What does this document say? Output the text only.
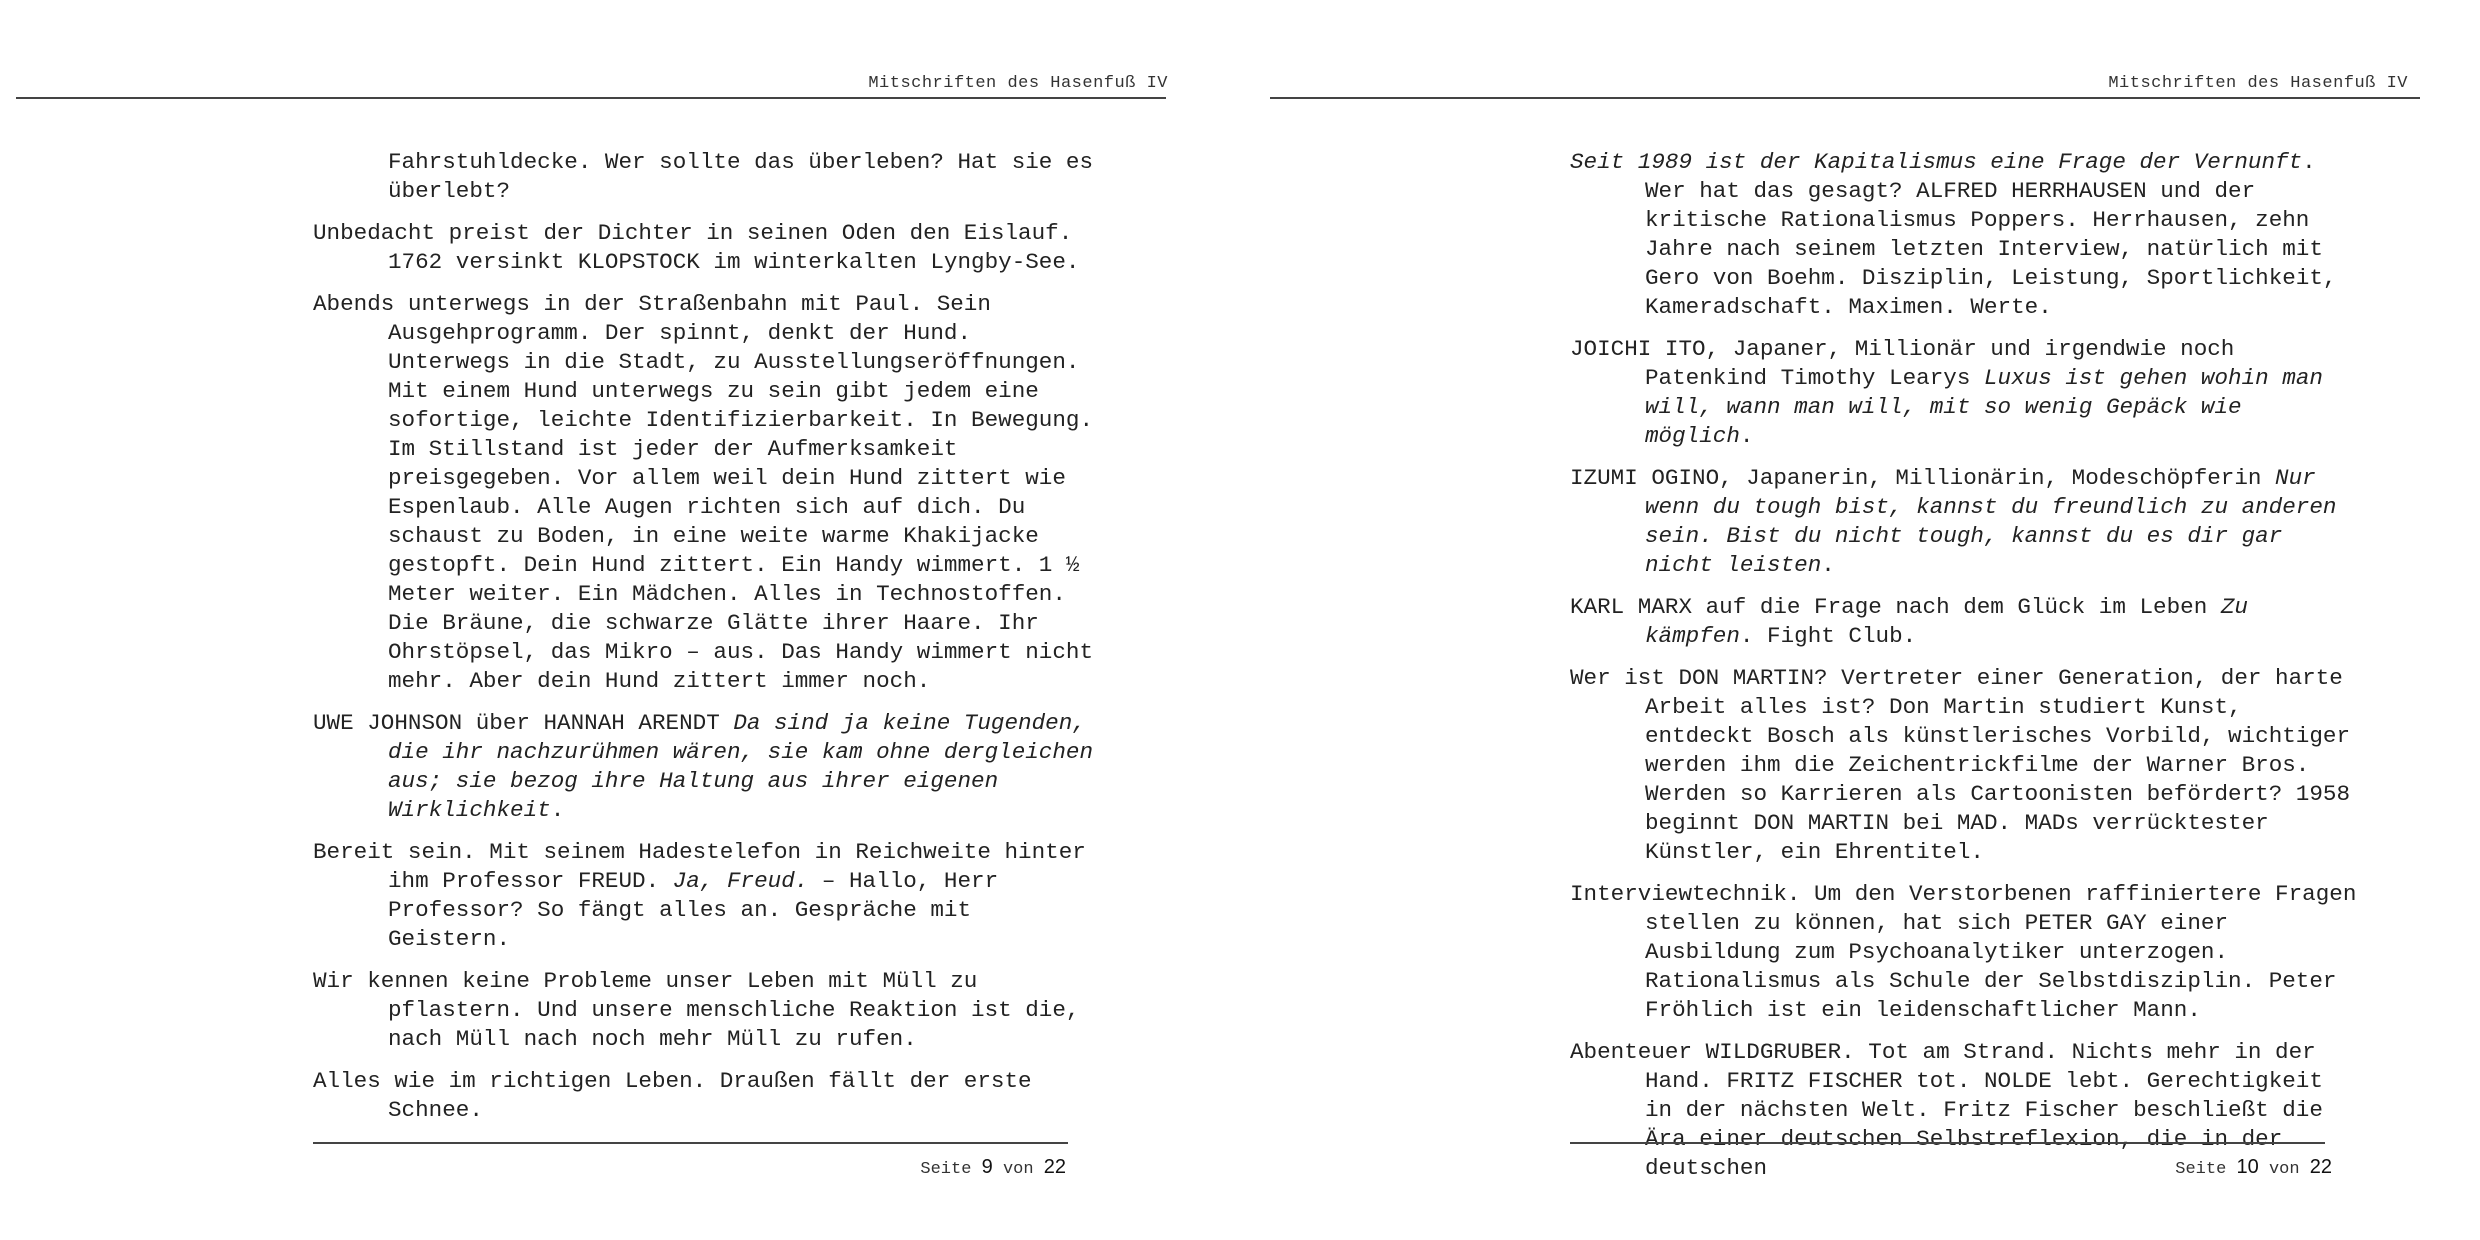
Mitschriften des Hasenfuß IV

Fahrstuhldecke. Wer sollte das überleben? Hat sie es überlebt?

Unbedacht preist der Dichter in seinen Oden den Eislauf. 1762 versinkt KLOPSTOCK im winterkalten Lyngby-See.

Abends unterwegs in der Straßenbahn mit Paul. Sein Ausgehprogramm. Der spinnt, denkt der Hund. Unterwegs in die Stadt, zu Ausstellungseröffnungen. Mit einem Hund unterwegs zu sein gibt jedem eine sofortige, leichte Identifizierbarkeit. In Bewegung. Im Stillstand ist jeder der Aufmerksamkeit preisgegeben. Vor allem weil dein Hund zittert wie Espenlaub. Alle Augen richten sich auf dich. Du schaust zu Boden, in eine weite warme Khakijacke gestopft. Dein Hund zittert. Ein Handy wimmert. 1 ½ Meter weiter. Ein Mädchen. Alles in Technostoffen. Die Bräune, die schwarze Glätte ihrer Haare. Ihr Ohrstöpsel, das Mikro – aus. Das Handy wimmert nicht mehr. Aber dein Hund zittert immer noch.

UWE JOHNSON über HANNAH ARENDT Da sind ja keine Tugenden, die ihr nachzurühmen wären, sie kam ohne dergleichen aus; sie bezog ihre Haltung aus ihrer eigenen Wirklichkeit.

Bereit sein. Mit seinem Hadestelefon in Reichweite hinter ihm Professor FREUD. Ja, Freud. – Hallo, Herr Professor? So fängt alles an. Gespräche mit Geistern.

Wir kennen keine Probleme unser Leben mit Müll zu pflastern. Und unsere menschliche Reaktion ist die, nach Müll nach noch mehr Müll zu rufen.

Alles wie im richtigen Leben. Draußen fällt der erste Schnee.

Seite 9 von 22
Mitschriften des Hasenfuß IV

Seit 1989 ist der Kapitalismus eine Frage der Vernunft. Wer hat das gesagt? ALFRED HERRHAUSEN und der kritische Rationalismus Poppers. Herrhausen, zehn Jahre nach seinem letzten Interview, natürlich mit Gero von Boehm. Disziplin, Leistung, Sportlichkeit, Kameradschaft. Maximen. Werte.

JOICHI ITO, Japaner, Millionär und irgendwie noch Patenkind Timothy Learys Luxus ist gehen wohin man will, wann man will, mit so wenig Gepäck wie möglich.

IZUMI OGINO, Japanerin, Millionärin, Modeschöpferin Nur wenn du tough bist, kannst du freundlich zu anderen sein. Bist du nicht tough, kannst du es dir gar nicht leisten.

KARL MARX auf die Frage nach dem Glück im Leben Zu kämpfen. Fight Club.

Wer ist DON MARTIN? Vertreter einer Generation, der harte Arbeit alles ist? Don Martin studiert Kunst, entdeckt Bosch als künstlerisches Vorbild, wichtiger werden ihm die Zeichentrickfilme der Warner Bros. Werden so Karrieren als Cartoonisten befördert? 1958 beginnt DON MARTIN bei MAD. MADs verrücktester Künstler, ein Ehrentitel.

Interviewtechnik. Um den Verstorbenen raffiniertere Fragen stellen zu können, hat sich PETER GAY einer Ausbildung zum Psychoanalytiker unterzogen. Rationalismus als Schule der Selbstdisziplin. Peter Fröhlich ist ein leidenschaftlicher Mann.

Abenteuer WILDGRUBER. Tot am Strand. Nichts mehr in der Hand. FRITZ FISCHER tot. NOLDE lebt. Gerechtigkeit in der nächsten Welt. Fritz Fischer beschließt die Ära einer deutschen Selbstreflexion, die in der deutschen	Seite 10 von 22
